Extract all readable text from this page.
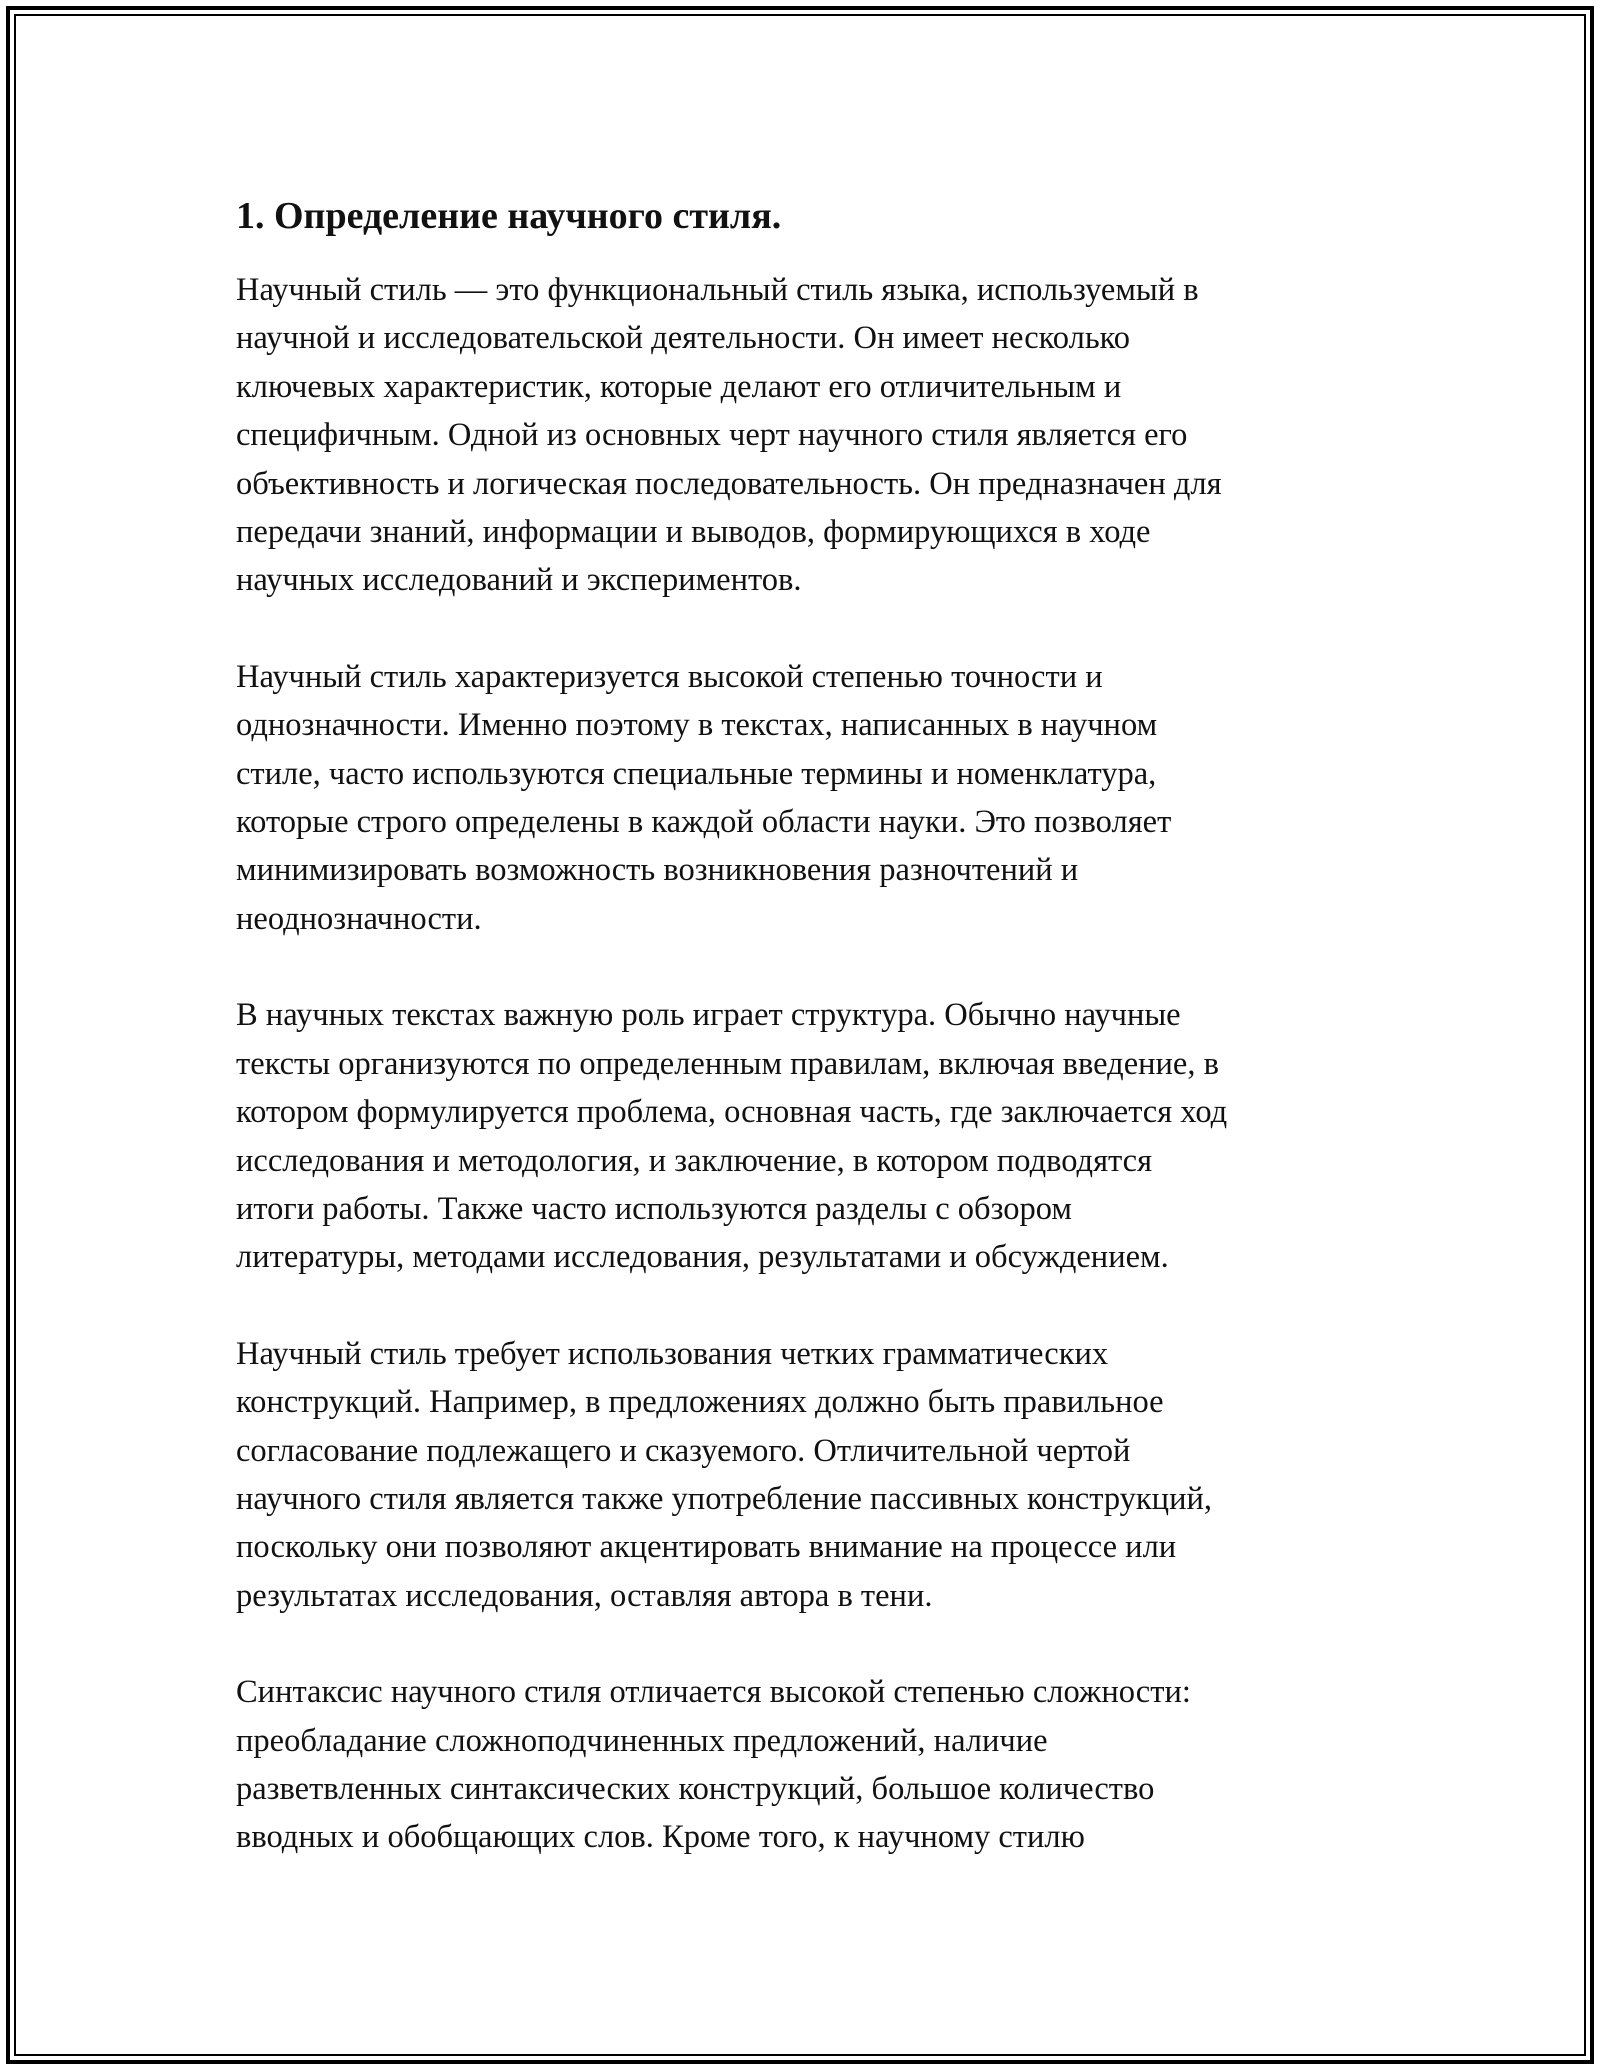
1. Определение научного стиля.

Научный стиль — это функциональный стиль языка, используемый в
научной и исследовательской деятельности. Он имеет несколько
ключевых характеристик, которые делают его отличительным и
специфичным. Одной из основных черт научного стиля является его
объективность и логическая последовательность. Он предназначен для
передачи знаний, информации и выводов, формирующихся в ходе
научных исследований и экспериментов.

Научный стиль характеризуется высокой степенью точности и
однозначности. Именно поэтому в текстах, написанных в научном
стиле, часто используются специальные термины и номенклатура,
которые строго определены в каждой области науки. Это позволяет
минимизировать возможность возникновения разночтений и
неоднозначности.

В научных текстах важную роль играет структура. Обычно научные
тексты организуются по определенным правилам, включая введение, в
котором формулируется проблема, основная часть, где заключается ход
исследования и методология, и заключение, в котором подводятся
итоги работы. Также часто используются разделы с обзором
литературы, методами исследования, результатами и обсуждением.

Научный стиль требует использования четких грамматических
конструкций. Например, в предложениях должно быть правильное
согласование подлежащего и сказуемого. Отличительной чертой
научного стиля является также употребление пассивных конструкций,
поскольку они позволяют акцентировать внимание на процессе или
результатах исследования, оставляя автора в тени.

Синтаксис научного стиля отличается высокой степенью сложности:
преобладание сложноподчиненных предложений, наличие
разветвленных синтаксических конструкций, большое количество
вводных и обобщающих слов. Кроме того, к научному стилю
